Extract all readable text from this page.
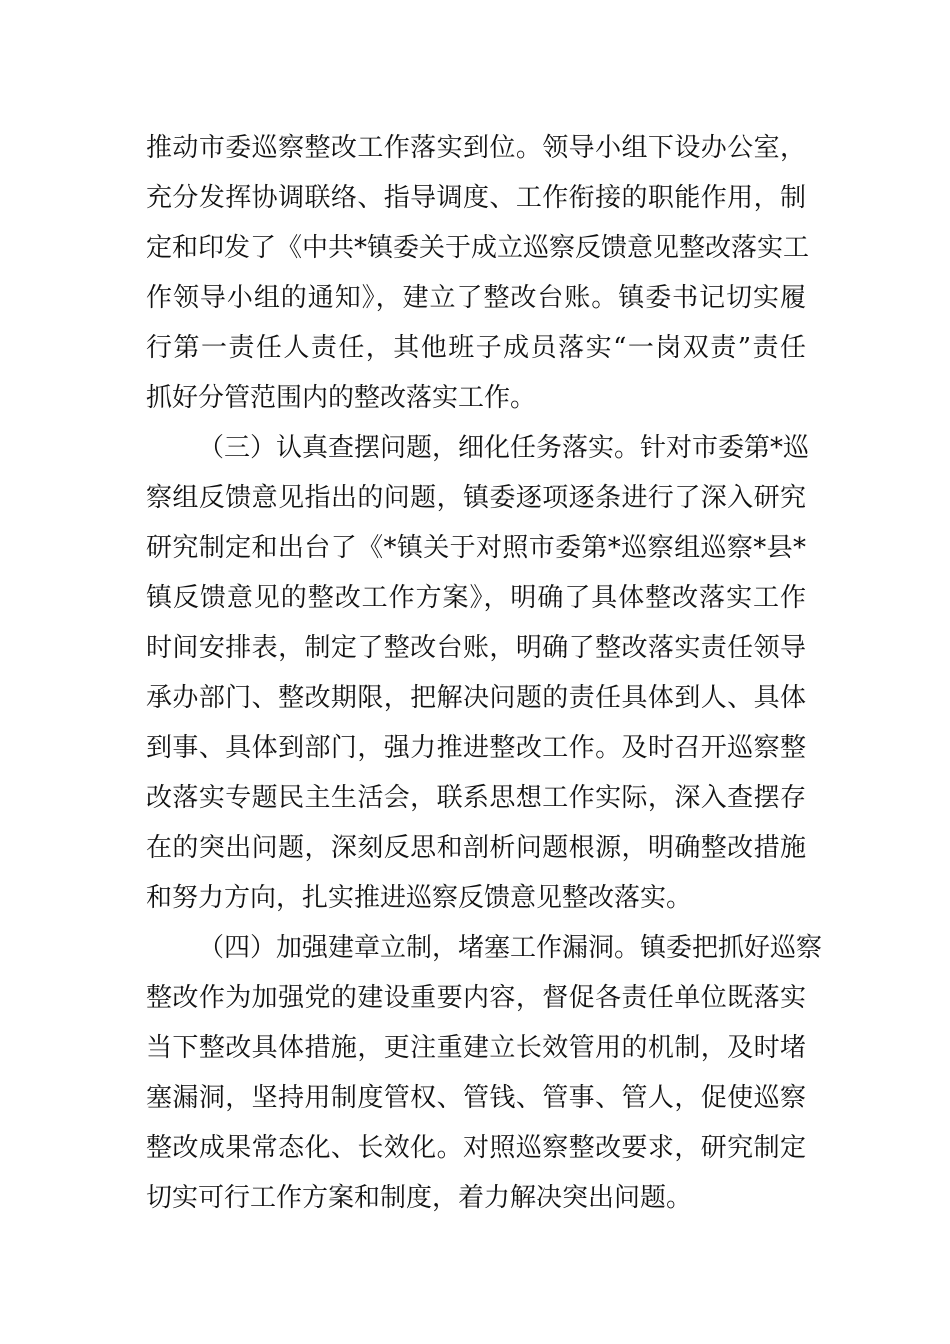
推动市委巡察整改工作落实到位。领导小组下设办公室，
充分发挥协调联络、指导调度、工作衔接的职能作用，制
定和印发了《中共*镇委关于成立巡察反馈意见整改落实工
作领导小组的通知》，建立了整改台账。镇委书记切实履
行第一责任人责任，其他班子成员落实“一岗双责”责任
抓好分管范围内的整改落实工作。
（三）认真查摆问题，细化任务落实。针对市委第*巡
察组反馈意见指出的问题，镇委逐项逐条进行了深入研究
研究制定和出台了《*镇关于对照市委第*巡察组巡察*县*
镇反馈意见的整改工作方案》，明确了具体整改落实工作
时间安排表，制定了整改台账，明确了整改落实责任领导
承办部门、整改期限，把解决问题的责任具体到人、具体
到事、具体到部门，强力推进整改工作。及时召开巡察整
改落实专题民主生活会，联系思想工作实际，深入查摆存
在的突出问题，深刻反思和剖析问题根源，明确整改措施
和努力方向，扎实推进巡察反馈意见整改落实。
（四）加强建章立制，堵塞工作漏洞。镇委把抓好巡察
整改作为加强党的建设重要内容，督促各责任单位既落实
当下整改具体措施，更注重建立长效管用的机制，及时堵
塞漏洞，坚持用制度管权、管钱、管事、管人，促使巡察
整改成果常态化、长效化。对照巡察整改要求，研究制定
切实可行工作方案和制度，着力解决突出问题。
